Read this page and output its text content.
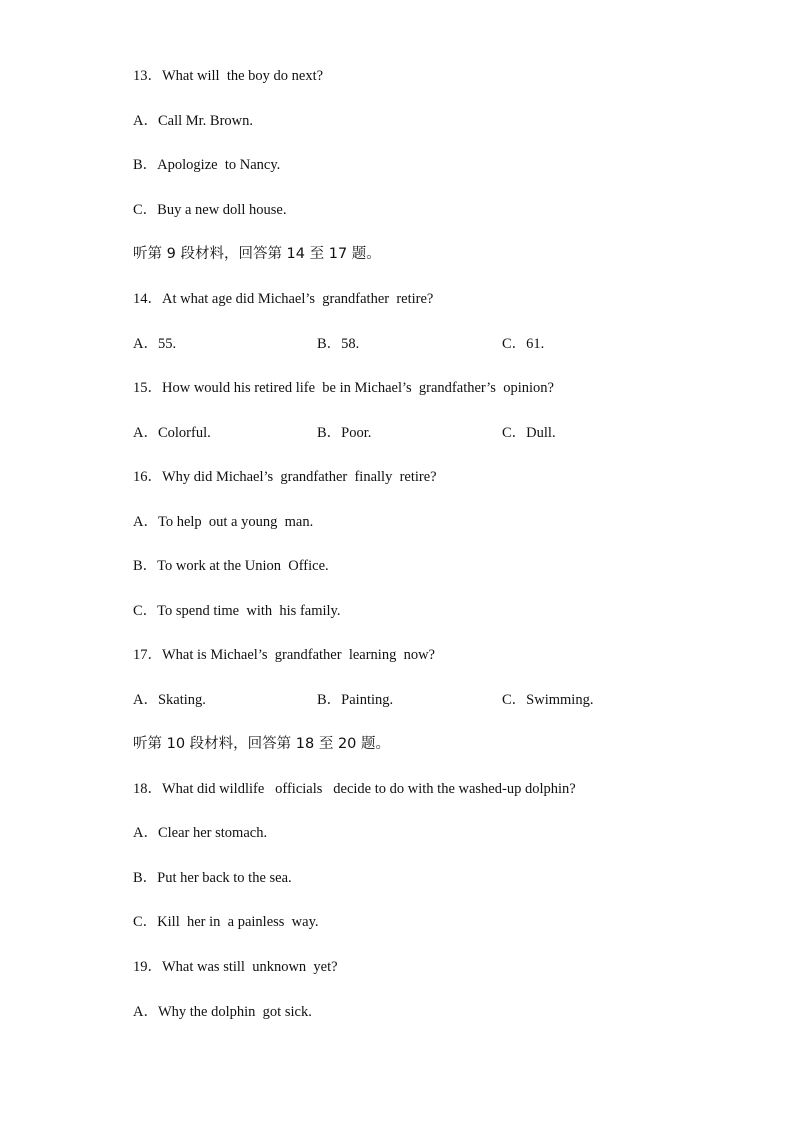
13．What will  the boy do next?
A．Call Mr. Brown.
B．Apologize  to Nancy.
C．Buy a new doll house.
听第 9 段材料，回答第 14 至 17 题。
14．At what age did Michael’s  grandfather  retire?
A．55.	B．58.	C．61.
15．How would his retired life  be in Michael’s  grandfather’s  opinion?
A．Colorful.	B．Poor.	C．Dull.
16．Why did Michael’s  grandfather  finally  retire?
A．To help  out a young  man.
B．To work at the Union  Office.
C．To spend time  with  his family.
17．What is Michael’s  grandfather  learning  now?
A．Skating.	B．Painting.	C．Swimming.
听第 10 段材料，回答第 18 至 20 题。
18．What did wildlife   officials   decide to do with the washed-up dolphin?
A．Clear her stomach.
B．Put her back to the sea.
C．Kill  her in  a painless  way.
19．What was still  unknown  yet?
A．Why the dolphin  got sick.
